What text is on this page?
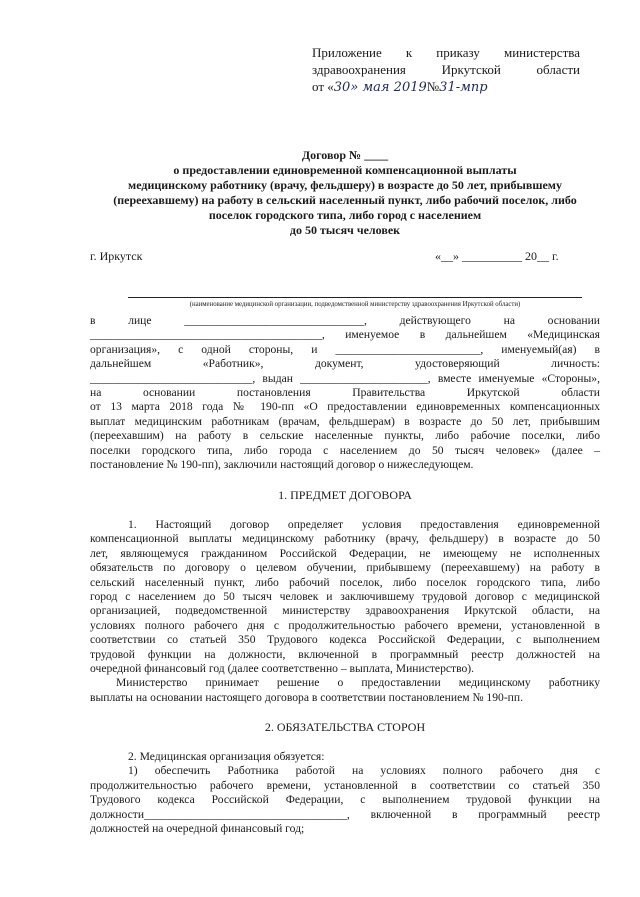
Приложение к приказу министерства
здравоохранения Иркутской области
от «30» мая 2019№31-мпр
Договор № ____
о предоставлении единовременной компенсационной выплаты
медицинскому работнику (врачу, фельдшеру) в возрасте до 50 лет, прибывшему
(переехавшему) на работу в сельский населенный пункт, либо рабочий поселок, либо
поселок городского типа, либо город с населением
до 50 тысяч человек
г. Иркутск	«__» __________ 20__ г.
(наименование медицинской организации, подведомственной министерству здравоохранения Иркутской области)
в лице _______________________________, действующего на основании
________________________________________, именуемое в дальнейшем «Медицинская
организация», с одной стороны, и _________________________, именуемый(ая) в
дальнейшем «Работник», документ, удостоверяющий личность:
____________________________, выдан ______________________, вместе именуемые «Стороны»,
на основании постановления Правительства Иркутской области
от 13 марта 2018 года № 190-пп «О предоставлении единовременных компенсационных
выплат медицинским работникам (врачам, фельдшерам) в возрасте до 50 лет, прибывшим
(переехавшим) на работу в сельские населенные пункты, либо рабочие поселки, либо
поселки городского типа, либо города с населением до 50 тысяч человек» (далее –
постановление № 190-пп), заключили настоящий договор о нижеследующем.
1. ПРЕДМЕТ ДОГОВОРА
1. Настоящий договор определяет условия предоставления единовременной
компенсационной выплаты медицинскому работнику (врачу, фельдшеру) в возрасте до 50
лет, являющемуся гражданином Российской Федерации, не имеющему не исполненных
обязательств по договору о целевом обучении, прибывшему (переехавшему) на работу в
сельский населенный пункт, либо рабочий поселок, либо поселок городского типа, либо
город с населением до 50 тысяч человек и заключившему трудовой договор с медицинской
организацией, подведомственной министерству здравоохранения Иркутской области, на
условиях полного рабочего дня с продолжительностью рабочего времени, установленной в
соответствии со статьей 350 Трудового кодекса Российской Федерации, с выполнением
трудовой функции на должности, включенной в программный реестр должностей на
очередной финансовый год (далее соответственно – выплата, Министерство).
Министерство принимает решение о предоставлении медицинскому работнику
выплаты на основании настоящего договора в соответствии постановлением № 190-пп.
2. ОБЯЗАТЕЛЬСТВА СТОРОН
2. Медицинская организация обязуется:
1) обеспечить Работника работой на условиях полного рабочего дня с
продолжительностью рабочего времени, установленной в соответствии со статьей 350
Трудового кодекса Российской Федерации, с выполнением трудовой функции на
должности___________________________________, включенной в программный реестр
должностей на очередной финансовый год;
